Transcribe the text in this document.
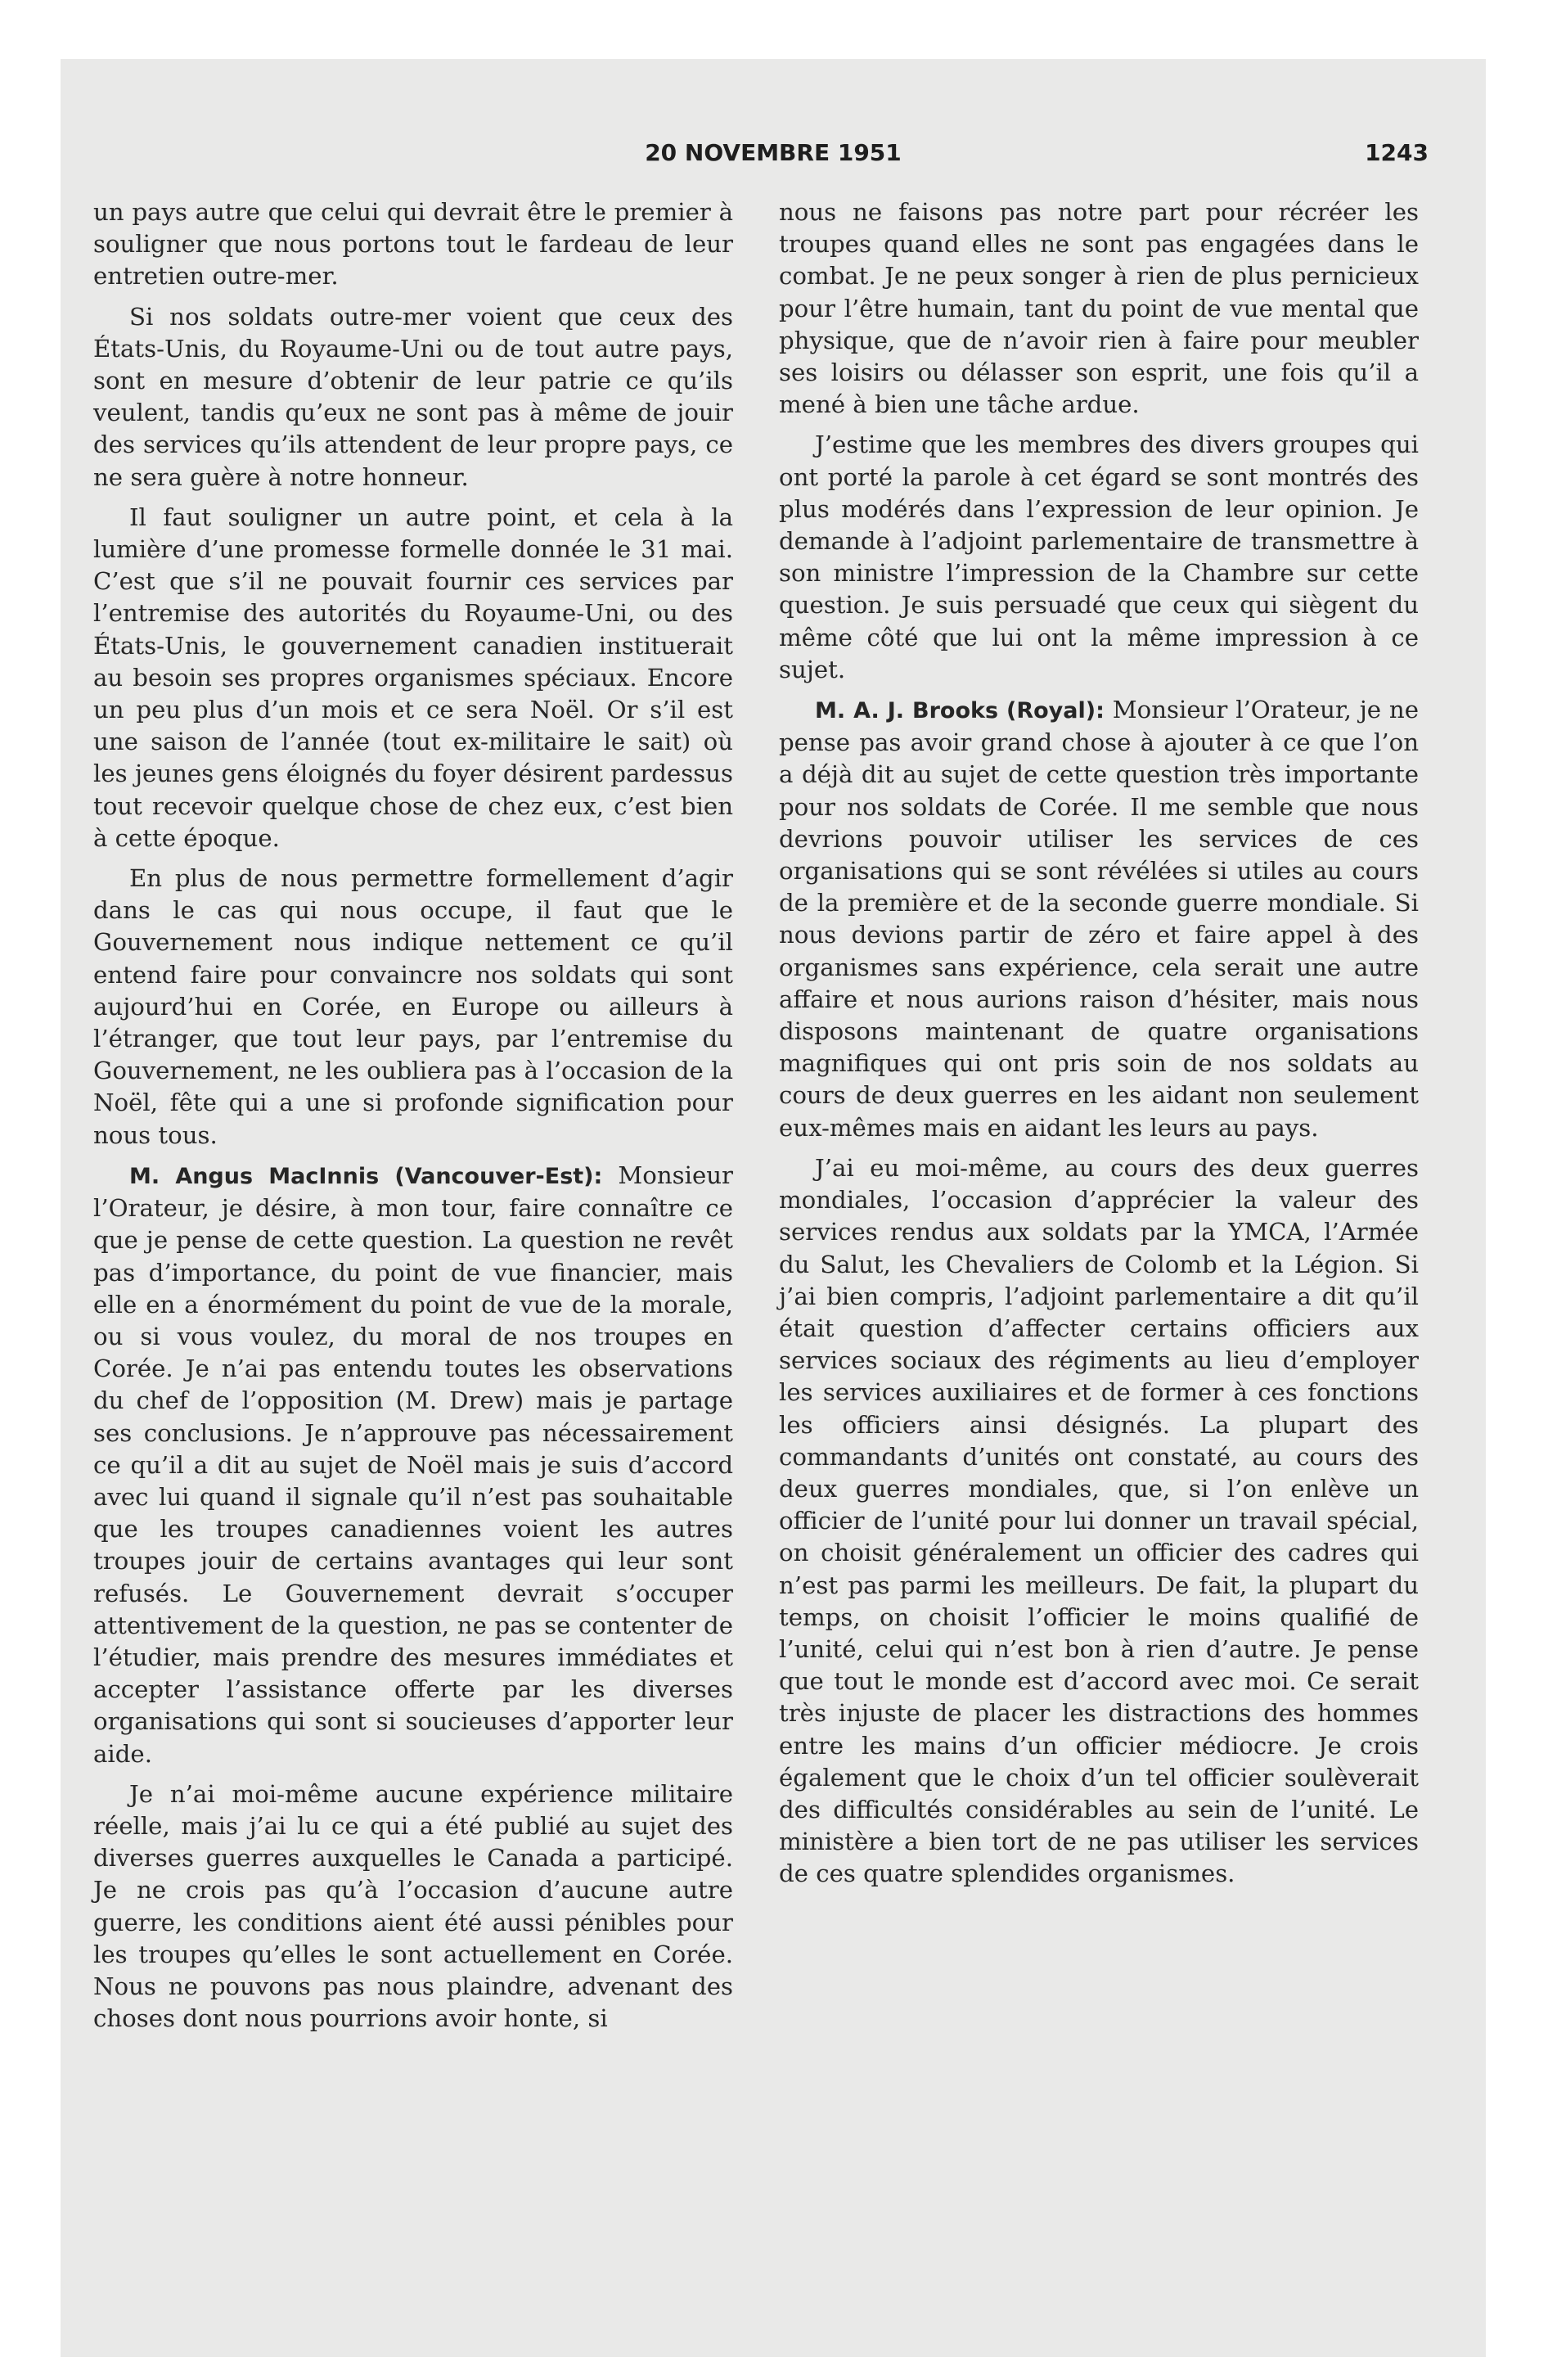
20 NOVEMBRE 1951	1243

un pays autre que celui qui devrait être le premier à souligner que nous portons tout le fardeau de leur entretien outre-mer.

Si nos soldats outre-mer voient que ceux des États-Unis, du Royaume-Uni ou de tout autre pays, sont en mesure d’obtenir de leur patrie ce qu’ils veulent, tandis qu’eux ne sont pas à même de jouir des services qu’ils attendent de leur propre pays, ce ne sera guère à notre honneur.

Il faut souligner un autre point, et cela à la lumière d’une promesse formelle donnée le 31 mai. C’est que s’il ne pouvait fournir ces services par l’entremise des autorités du Royaume-Uni, ou des États-Unis, le gouvernement canadien instituerait au besoin ses propres organismes spéciaux. Encore un peu plus d’un mois et ce sera Noël. Or s’il est une saison de l’année (tout ex-militaire le sait) où les jeunes gens éloignés du foyer désirent pardessus tout recevoir quelque chose de chez eux, c’est bien à cette époque.

En plus de nous permettre formellement d’agir dans le cas qui nous occupe, il faut que le Gouvernement nous indique nettement ce qu’il entend faire pour convaincre nos soldats qui sont aujourd’hui en Corée, en Europe ou ailleurs à l’étranger, que tout leur pays, par l’entremise du Gouvernement, ne les oubliera pas à l’occasion de la Noël, fête qui a une si profonde signification pour nous tous.

M. Angus MacInnis (Vancouver-Est): Monsieur l’Orateur, je désire, à mon tour, faire connaître ce que je pense de cette question. La question ne revêt pas d’importance, du point de vue financier, mais elle en a énormément du point de vue de la morale, ou si vous voulez, du moral de nos troupes en Corée. Je n’ai pas entendu toutes les observations du chef de l’opposition (M. Drew) mais je partage ses conclusions. Je n’approuve pas nécessairement ce qu’il a dit au sujet de Noël mais je suis d’accord avec lui quand il signale qu’il n’est pas souhaitable que les troupes canadiennes voient les autres troupes jouir de certains avantages qui leur sont refusés. Le Gouvernement devrait s’occuper attentivement de la question, ne pas se contenter de l’étudier, mais prendre des mesures immédiates et accepter l’assistance offerte par les diverses organisations qui sont si soucieuses d’apporter leur aide.

Je n’ai moi-même aucune expérience militaire réelle, mais j’ai lu ce qui a été publié au sujet des diverses guerres auxquelles le Canada a participé. Je ne crois pas qu’à l’occasion d’aucune autre guerre, les conditions aient été aussi pénibles pour les troupes qu’elles le sont actuellement en Corée. Nous ne pouvons pas nous plaindre, advenant des choses dont nous pourrions avoir honte, si

nous ne faisons pas notre part pour récréer les troupes quand elles ne sont pas engagées dans le combat. Je ne peux songer à rien de plus pernicieux pour l’être humain, tant du point de vue mental que physique, que de n’avoir rien à faire pour meubler ses loisirs ou délasser son esprit, une fois qu’il a mené à bien une tâche ardue.

J’estime que les membres des divers groupes qui ont porté la parole à cet égard se sont montrés des plus modérés dans l’expression de leur opinion. Je demande à l’adjoint parlementaire de transmettre à son ministre l’impression de la Chambre sur cette question. Je suis persuadé que ceux qui siègent du même côté que lui ont la même impression à ce sujet.

M. A. J. Brooks (Royal): Monsieur l’Orateur, je ne pense pas avoir grand chose à ajouter à ce que l’on a déjà dit au sujet de cette question très importante pour nos soldats de Corée. Il me semble que nous devrions pouvoir utiliser les services de ces organisations qui se sont révélées si utiles au cours de la première et de la seconde guerre mondiale. Si nous devions partir de zéro et faire appel à des organismes sans expérience, cela serait une autre affaire et nous aurions raison d’hésiter, mais nous disposons maintenant de quatre organisations magnifiques qui ont pris soin de nos soldats au cours de deux guerres en les aidant non seulement eux-mêmes mais en aidant les leurs au pays.

J’ai eu moi-même, au cours des deux guerres mondiales, l’occasion d’apprécier la valeur des services rendus aux soldats par la YMCA, l’Armée du Salut, les Chevaliers de Colomb et la Légion. Si j’ai bien compris, l’adjoint parlementaire a dit qu’il était question d’affecter certains officiers aux services sociaux des régiments au lieu d’employer les services auxiliaires et de former à ces fonctions les officiers ainsi désignés. La plupart des commandants d’unités ont constaté, au cours des deux guerres mondiales, que, si l’on enlève un officier de l’unité pour lui donner un travail spécial, on choisit généralement un officier des cadres qui n’est pas parmi les meilleurs. De fait, la plupart du temps, on choisit l’officier le moins qualifié de l’unité, celui qui n’est bon à rien d’autre. Je pense que tout le monde est d’accord avec moi. Ce serait très injuste de placer les distractions des hommes entre les mains d’un officier médiocre. Je crois également que le choix d’un tel officier soulèverait des difficultés considérables au sein de l’unité. Le ministère a bien tort de ne pas utiliser les services de ces quatre splendides organismes.
